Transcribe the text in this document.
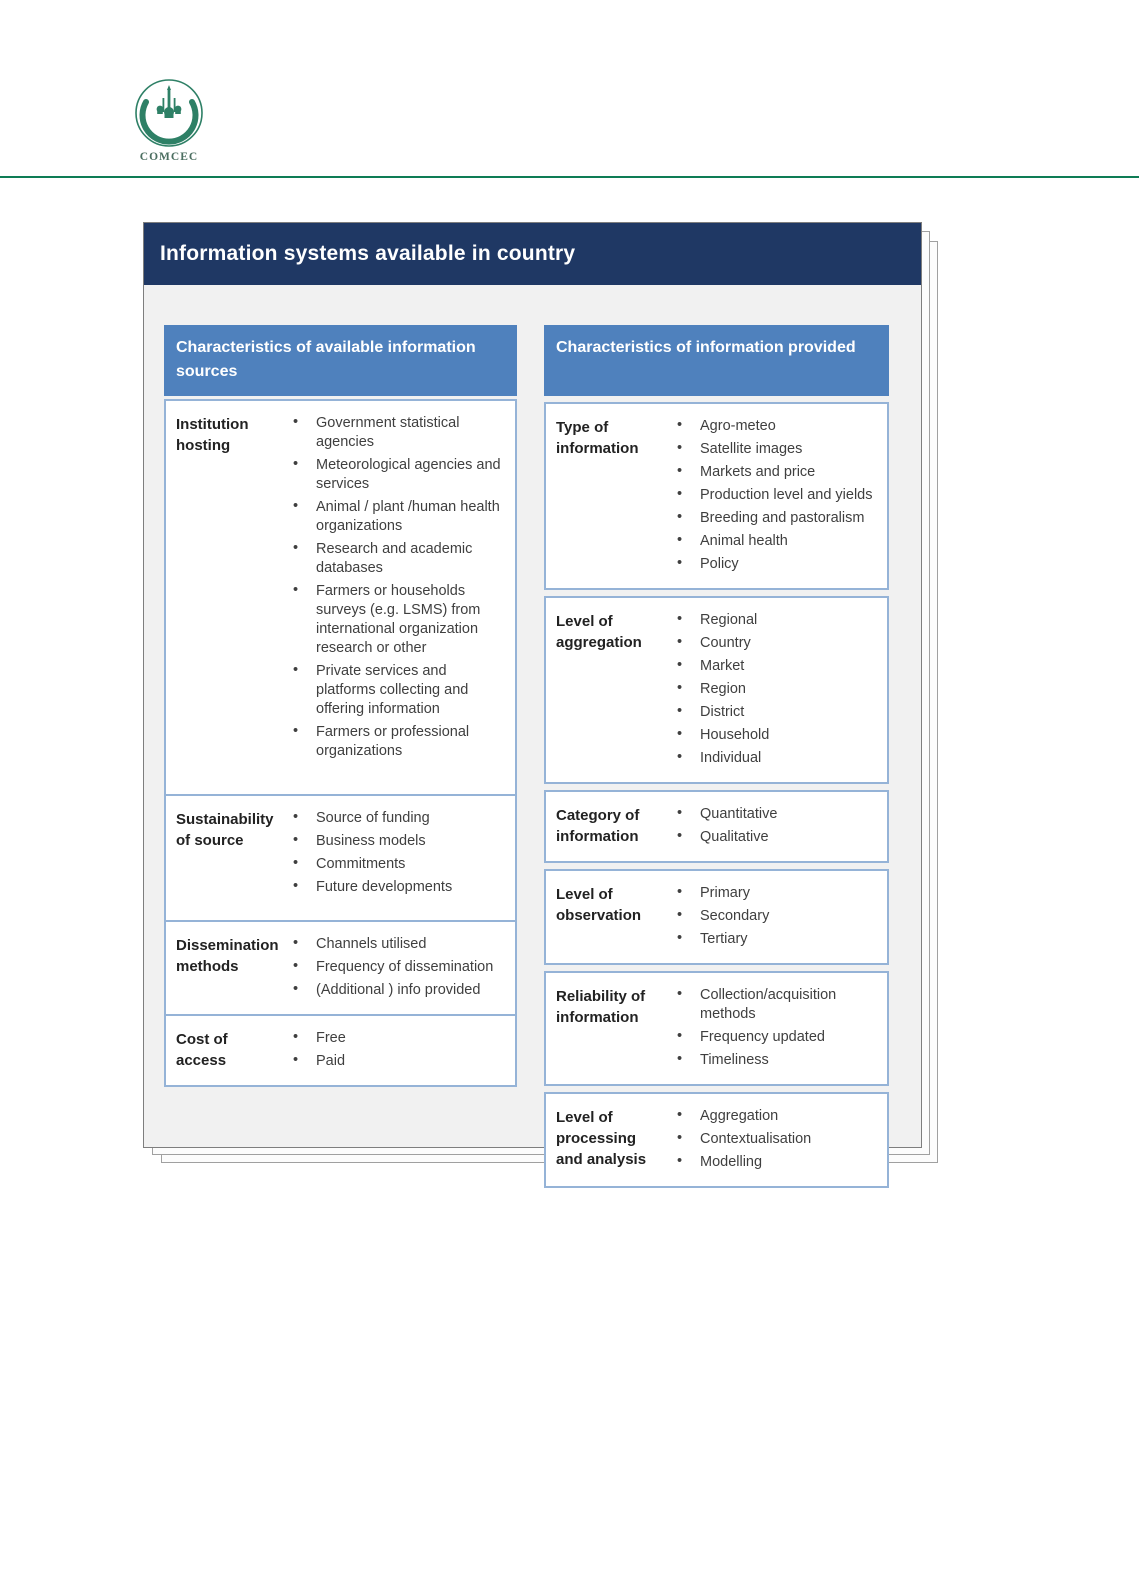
Cooperation for Development
COMCEC
Information systems available in country
Characteristics of available information sources
Institution hosting
• Government statistical agencies
• Meteorological agencies and services
• Animal / plant /human health organizations
• Research and academic databases
• Farmers or households surveys (e.g. LSMS) from international organization research or other
• Private services and platforms collecting and offering information
• Farmers or professional organizations
Sustainability of source
• Source of funding
• Business models
• Commitments
• Future developments
Dissemination methods
• Channels utilised
• Frequency of dissemination
• (Additional ) info provided
Cost of access
• Free
• Paid
Characteristics of information provided
Type of information
• Agro-meteo
• Satellite images
• Markets and price
• Production level and yields
• Breeding and pastoralism
• Animal health
• Policy
Level of aggregation
• Regional
• Country
• Market
• Region
• District
• Household
• Individual
Category of information
• Quantitative
• Qualitative
Level of observation
• Primary
• Secondary
• Tertiary
Reliability of information
• Collection/acquisition methods
• Frequency updated
• Timeliness
Level of processing and analysis
• Aggregation
• Contextualisation
• Modelling
